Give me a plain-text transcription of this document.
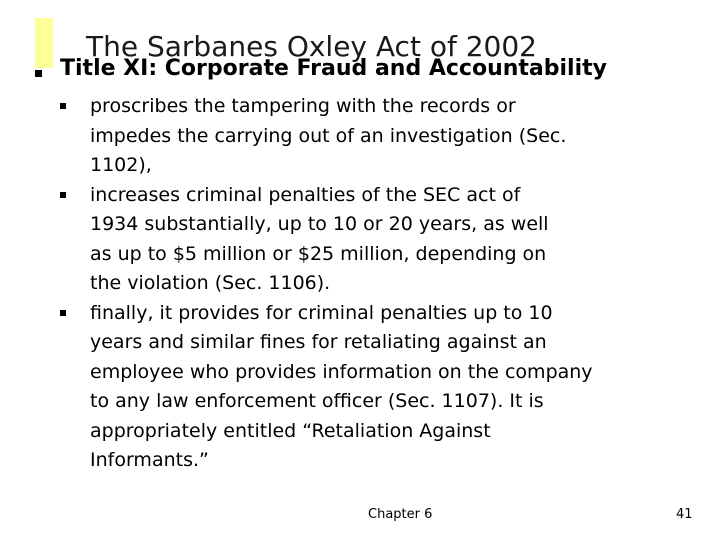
The Sarbanes Oxley Act of 2002
Title XI: Corporate Fraud and Accountability
proscribes the tampering with the records or
impedes the carrying out of an investigation (Sec.
1102),
increases criminal penalties of the SEC act of
1934 substantially, up to 10 or 20 years, as well
as up to $5 million or $25 million, depending on
the violation (Sec. 1106).
finally, it provides for criminal penalties up to 10
years and similar fines for retaliating against an
employee who provides information on the company
to any law enforcement officer (Sec. 1107). It is
appropriately entitled “Retaliation Against
Informants.”
Chapter 6	41
